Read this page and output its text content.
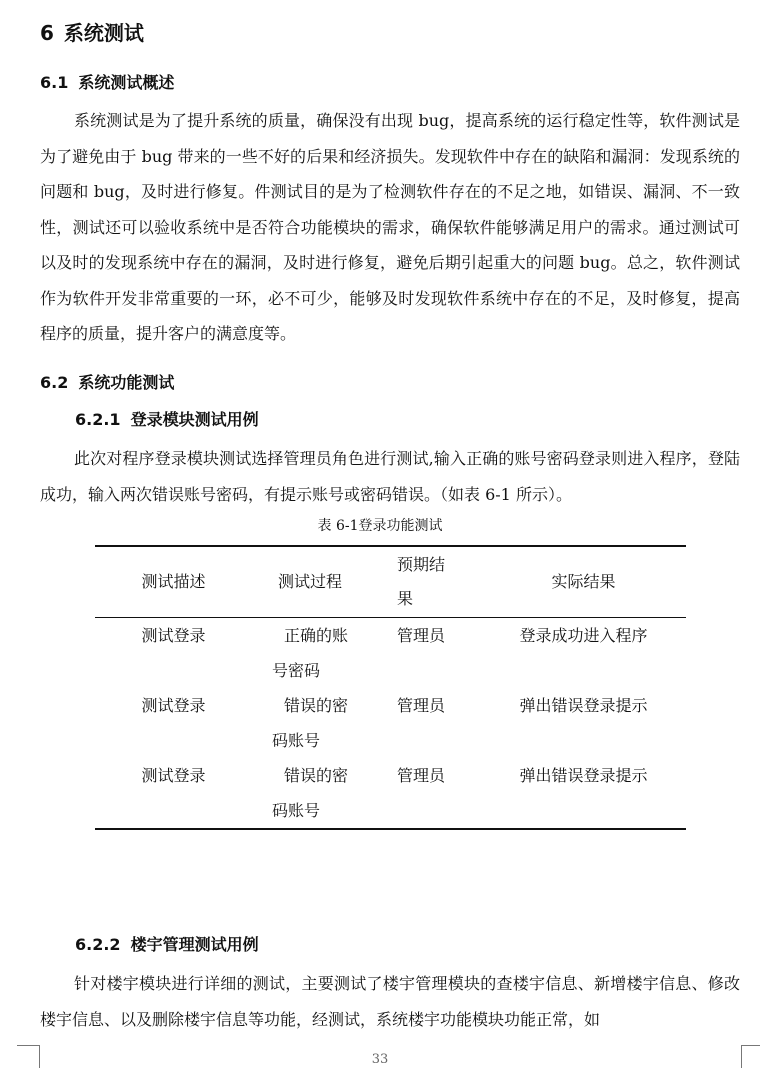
6 系统测试
6.1 系统测试概述

系统测试是为了提升系统的质量，确保没有出现 bug，提高系统的运行稳定性等，软件测试是为了避免由于 bug 带来的一些不好的后果和经济损失。发现软件中存在的缺陷和漏洞：发现系统的问题和 bug，及时进行修复。件测试目的是为了检测软件存在的不足之地，如错误、漏洞、不一致性，测试还可以验收系统中是否符合功能模块的需求，确保软件能够满足用户的需求。通过测试可以及时的发现系统中存在的漏洞，及时进行修复，避免后期引起重大的问题 bug。总之，软件测试作为软件开发非常重要的一环，必不可少，能够及时发现软件系统中存在的不足，及时修复，提高程序的质量，提升客户的满意度等。

6.2 系统功能测试
6.2.1 登录模块测试用例

此次对程序登录模块测试选择管理员角色进行测试,输入正确的账号密码登录则进入程序，登陆成功，输入两次错误账号密码，有提示账号或密码错误。（如表 6-1 所示）。

表 6-1登录功能测试
测试描述	测试过程	预期结果	实际结果
测试登录	正确的账号密码	管理员	登录成功进入程序
测试登录	错误的密码账号	管理员	弹出错误登录提示
测试登录	错误的密码账号	管理员	弹出错误登录提示
6.2.2 楼宇管理测试用例

针对楼宇模块进行详细的测试，主要测试了楼宇管理模块的查楼宇信息、新增楼宇信息、修改楼宇信息、以及删除楼宇信息等功能，经测试，系统楼宇功能模块功能正常，如

33
